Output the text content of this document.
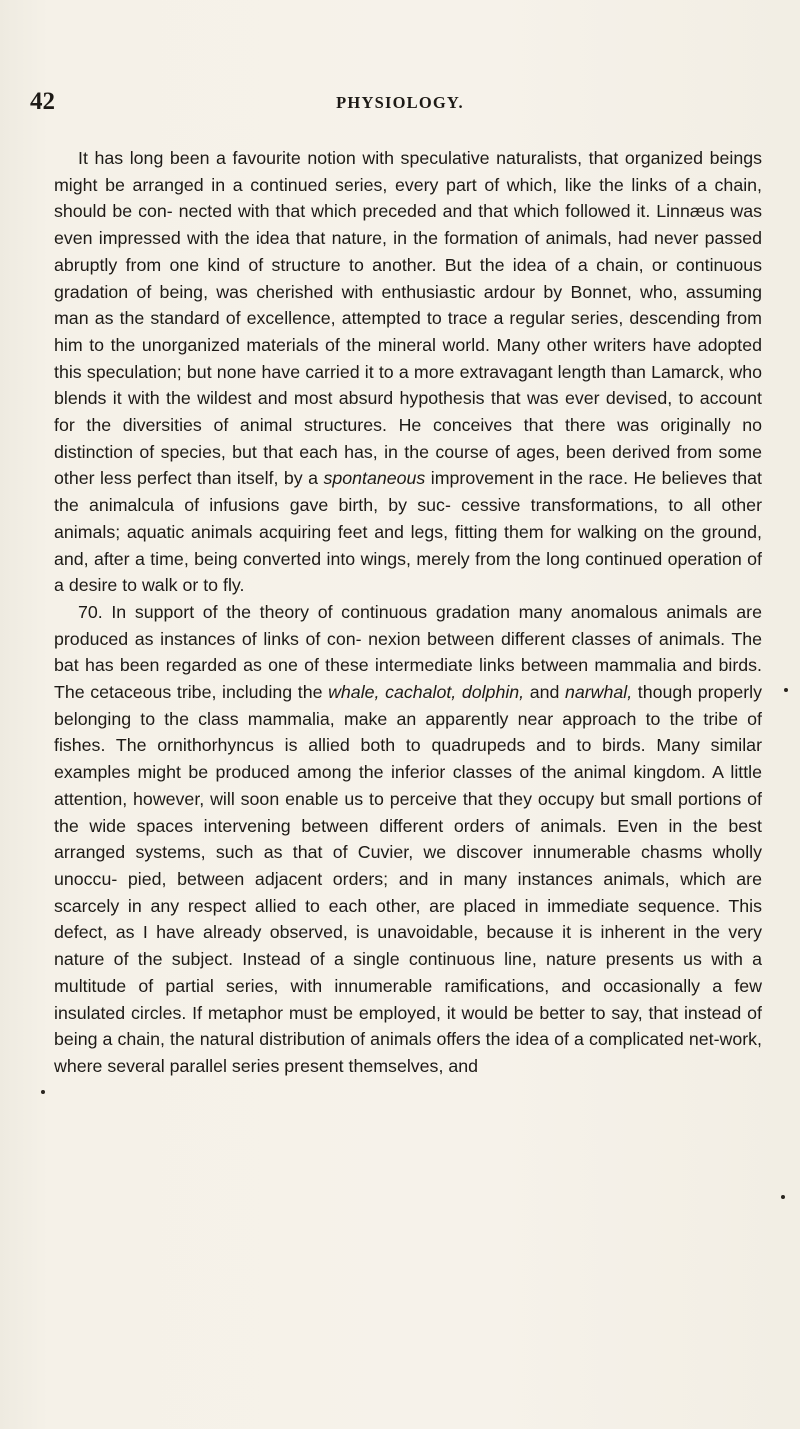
42	PHYSIOLOGY.

It has long been a favourite notion with speculative naturalists, that organized beings might be arranged in a continued series, every part of which, like the links of a chain, should be con- nected with that which preceded and that which followed it. Linnæus was even impressed with the idea that nature, in the formation of animals, had never passed abruptly from one kind of structure to another. But the idea of a chain, or continuous gradation of being, was cherished with enthusiastic ardour by Bonnet, who, assuming man as the standard of excellence, attempted to trace a regular series, descending from him to the unorganized materials of the mineral world. Many other writers have adopted this speculation; but none have carried it to a more extravagant length than Lamarck, who blends it with the wildest and most absurd hypothesis that was ever devised, to account for the diversities of animal structures. He conceives that there was originally no distinction of species, but that each has, in the course of ages, been derived from some other less perfect than itself, by a spontaneous improvement in the race. He believes that the animalcula of infusions gave birth, by suc- cessive transformations, to all other animals; aquatic animals acquiring feet and legs, fitting them for walking on the ground, and, after a time, being converted into wings, merely from the long continued operation of a desire to walk or to fly.

70. In support of the theory of continuous gradation many anomalous animals are produced as instances of links of con- nexion between different classes of animals. The bat has been regarded as one of these intermediate links between mammalia and birds. The cetaceous tribe, including the whale, cachalot, dolphin, and narwhal, though properly belonging to the class mammalia, make an apparently near approach to the tribe of fishes. The ornithorhyncus is allied both to quadrupeds and to birds. Many similar examples might be produced among the inferior classes of the animal kingdom. A little attention, however, will soon enable us to perceive that they occupy but small portions of the wide spaces intervening between different orders of animals. Even in the best arranged systems, such as that of Cuvier, we discover innumerable chasms wholly unoccu- pied, between adjacent orders; and in many instances animals, which are scarcely in any respect allied to each other, are placed in immediate sequence. This defect, as I have already observed, is unavoidable, because it is inherent in the very nature of the subject. Instead of a single continuous line, nature presents us with a multitude of partial series, with innumerable ramifications, and occasionally a few insulated circles. If metaphor must be employed, it would be better to say, that instead of being a chain, the natural distribution of animals offers the idea of a complicated net-work, where several parallel series present themselves, and
